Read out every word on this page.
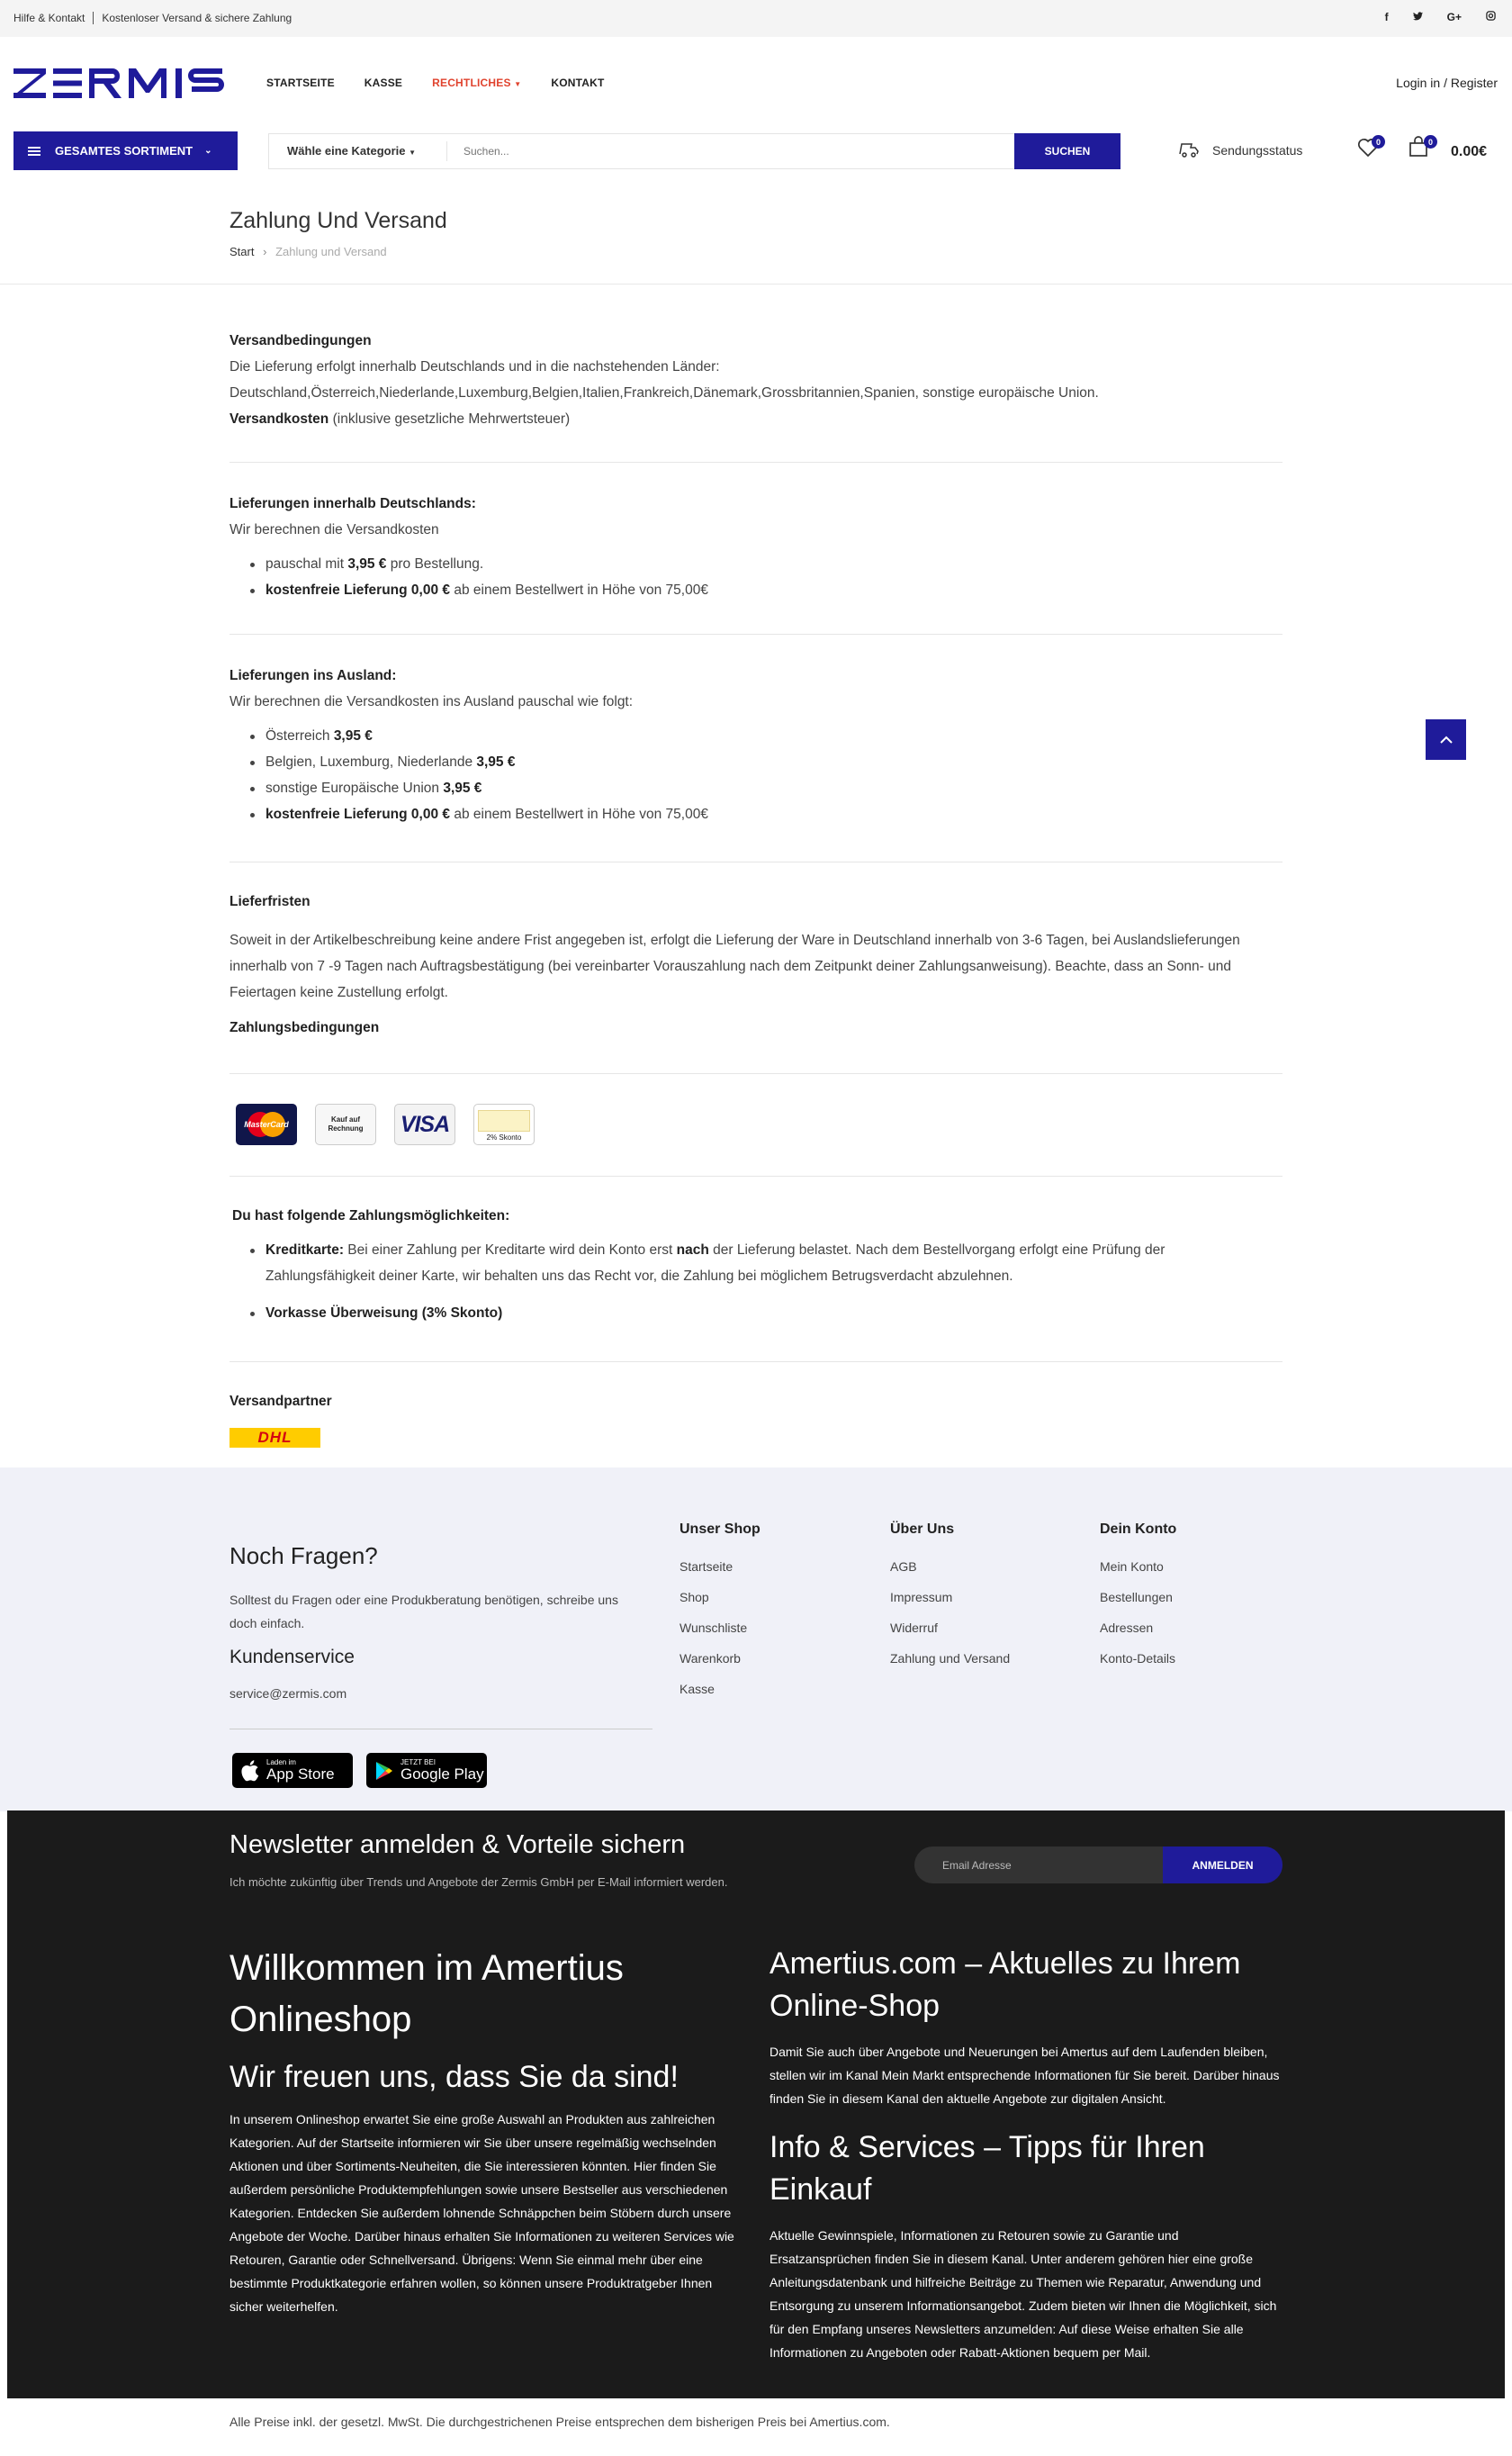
Hilfe & Kontakt Kostenloser Versand & sichere Zahlung	f	G+
STARTSEITE	KASSE	RECHTLICHES ▼	KONTAKT	Login in / Register
GESAMTES SORTIMENT ⌄	Wähle eine Kategorie ▼
Suchen...	SUCHEN	Sendungsstatus
0	0
0.00€
Zahlung Und Versand
Start › Zahlung und Versand
Versandbedingungen
Die Lieferung erfolgt innerhalb Deutschlands und in die nachstehenden Länder:
Deutschland,Österreich,Niederlande,Luxemburg,Belgien,Italien,Frankreich,Dänemark,Grossbritannien,Spanien, sonstige europäische Union.
Versandkosten (inklusive gesetzliche Mehrwertsteuer)
Lieferungen innerhalb Deutschlands:
Wir berechnen die Versandkosten
pauschal mit 3,95 € pro Bestellung.
kostenfreie Lieferung 0,00 € ab einem Bestellwert in Höhe von 75,00€
Lieferungen ins Ausland:
Wir berechnen die Versandkosten ins Ausland pauschal wie folgt:
Österreich 3,95 €
Belgien, Luxemburg, Niederlande 3,95 €
sonstige Europäische Union 3,95 €
kostenfreie Lieferung 0,00 € ab einem Bestellwert in Höhe von 75,00€
Lieferfristen
Soweit in der Artikelbeschreibung keine andere Frist angegeben ist, erfolgt die Lieferung der Ware in Deutschland innerhalb von 3-6 Tagen, bei Auslandslieferungen innerhalb von 7 -9 Tagen nach Auftragsbestätigung (bei vereinbarter Vorauszahlung nach dem Zeitpunkt deiner Zahlungsanweisung). Beachte, dass an Sonn- und Feiertagen keine Zustellung erfolgt.
Zahlungsbedingungen
MasterCard
Kauf auf Rechnung VISA
2% Skonto
Du hast folgende Zahlungsmöglichkeiten:
Kreditkarte: Bei einer Zahlung per Kreditarte wird dein Konto erst nach der Lieferung belastet. Nach dem Bestellvorgang erfolgt eine Prüfung der Zahlungsfähigkeit deiner Karte, wir behalten uns das Recht vor, die Zahlung bei möglichem Betrugsverdacht abzulehnen.
Vorkasse Überweisung (3% Skonto)
Versandpartner
DHL
Noch Fragen?
Solltest du Fragen oder eine Produkberatung benötigen, schreibe uns doch einfach.
Kundenservice
service@zermis.com
Laden im
App Store
JETZT BEI
Google Play
Unser Shop
Startseite
Shop
Wunschliste
Warenkorb
Kasse
Über Uns
AGB
Impressum
Widerruf
Zahlung und Versand
Dein Konto
Mein Konto
Bestellungen
Adressen
Konto-Details
Newsletter anmelden & Vorteile sichern
Ich möchte zukünftig über Trends und Angebote der Zermis GmbH per E-Mail informiert werden.
Email Adresse	ANMELDEN
Willkommen im Amertius Onlineshop
Wir freuen uns, dass Sie da sind!
In unserem Onlineshop erwartet Sie eine große Auswahl an Produkten aus zahlreichen Kategorien. Auf der Startseite informieren wir Sie über unsere regelmäßig wechselnden Aktionen und über Sortiments-Neuheiten, die Sie interessieren könnten. Hier finden Sie außerdem persönliche Produktempfehlungen sowie unsere Bestseller aus verschiedenen Kategorien. Entdecken Sie außerdem lohnende Schnäppchen beim Stöbern durch unsere Angebote der Woche. Darüber hinaus erhalten Sie Informationen zu weiteren Services wie Retouren, Garantie oder Schnellversand. Übrigens: Wenn Sie einmal mehr über eine bestimmte Produktkategorie erfahren wollen, so können unsere Produktratgeber Ihnen sicher weiterhelfen.
Amertius.com – Aktuelles zu Ihrem Online-Shop
Damit Sie auch über Angebote und Neuerungen bei Amertus auf dem Laufenden bleiben, stellen wir im Kanal Mein Markt entsprechende Informationen für Sie bereit. Darüber hinaus finden Sie in diesem Kanal den aktuelle Angebote zur digitalen Ansicht.
Info & Services – Tipps für Ihren Einkauf
Aktuelle Gewinnspiele, Informationen zu Retouren sowie zu Garantie und Ersatzansprüchen finden Sie in diesem Kanal. Unter anderem gehören hier eine große Anleitungsdatenbank und hilfreiche Beiträge zu Themen wie Reparatur, Anwendung und Entsorgung zu unserem Informationsangebot. Zudem bieten wir Ihnen die Möglichkeit, sich für den Empfang unseres Newsletters anzumelden: Auf diese Weise erhalten Sie alle Informationen zu Angeboten oder Rabatt-Aktionen bequem per Mail.
Alle Preise inkl. der gesetzl. MwSt. Die durchgestrichenen Preise entsprechen dem bisherigen Preis bei Amertius.com.
